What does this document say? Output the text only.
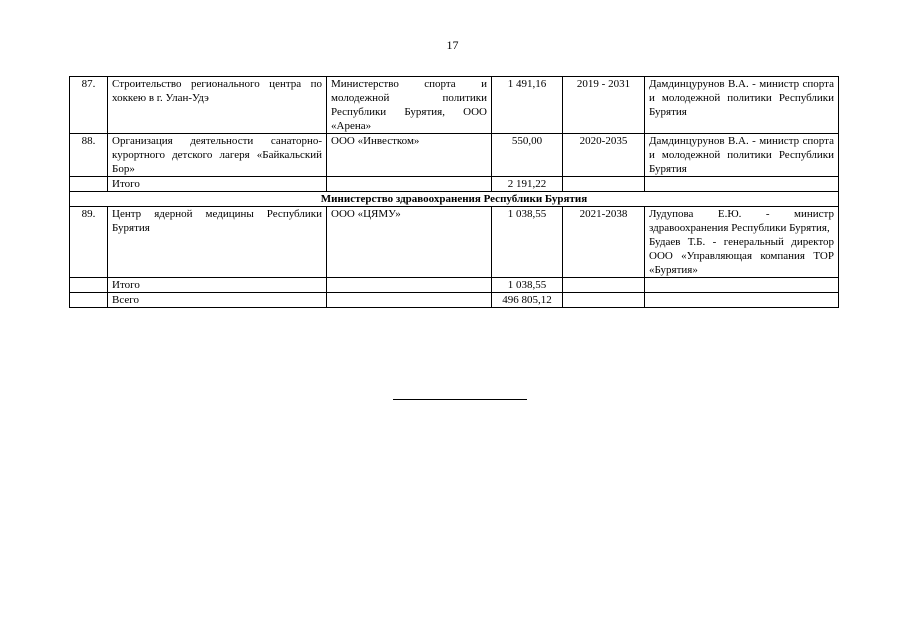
17
87.	Строительство регионального центра по хоккею в г. Улан-Удэ	Министерство спорта и молодежной политики Республики Бурятия, ООО «Арена»	1 491,16	2019 - 2031	Дамдинцурунов В.А. - министр спорта и молодежной политики Республики Бурятия
88.	Организация деятельности санаторно-курортного детского лагеря «Байкальский Бор»	ООО «Инвестком»	550,00	2020-2035	Дамдинцурунов В.А. - министр спорта и молодежной политики Республики Бурятия
	Итого		2 191,22		
Министерство здравоохранения Республики Бурятия					
89.	Центр ядерной медицины Республики Бурятия	ООО «ЦЯМУ»	1 038,55	2021-2038	Лудупова Е.Ю. - министр здравоохранения Республики Бурятия,
Будаев Т.Б. - генеральный директор ООО «Управляющая компания ТОР «Бурятия»

	Итого		1 038,55		
	Всего		496 805,12		
